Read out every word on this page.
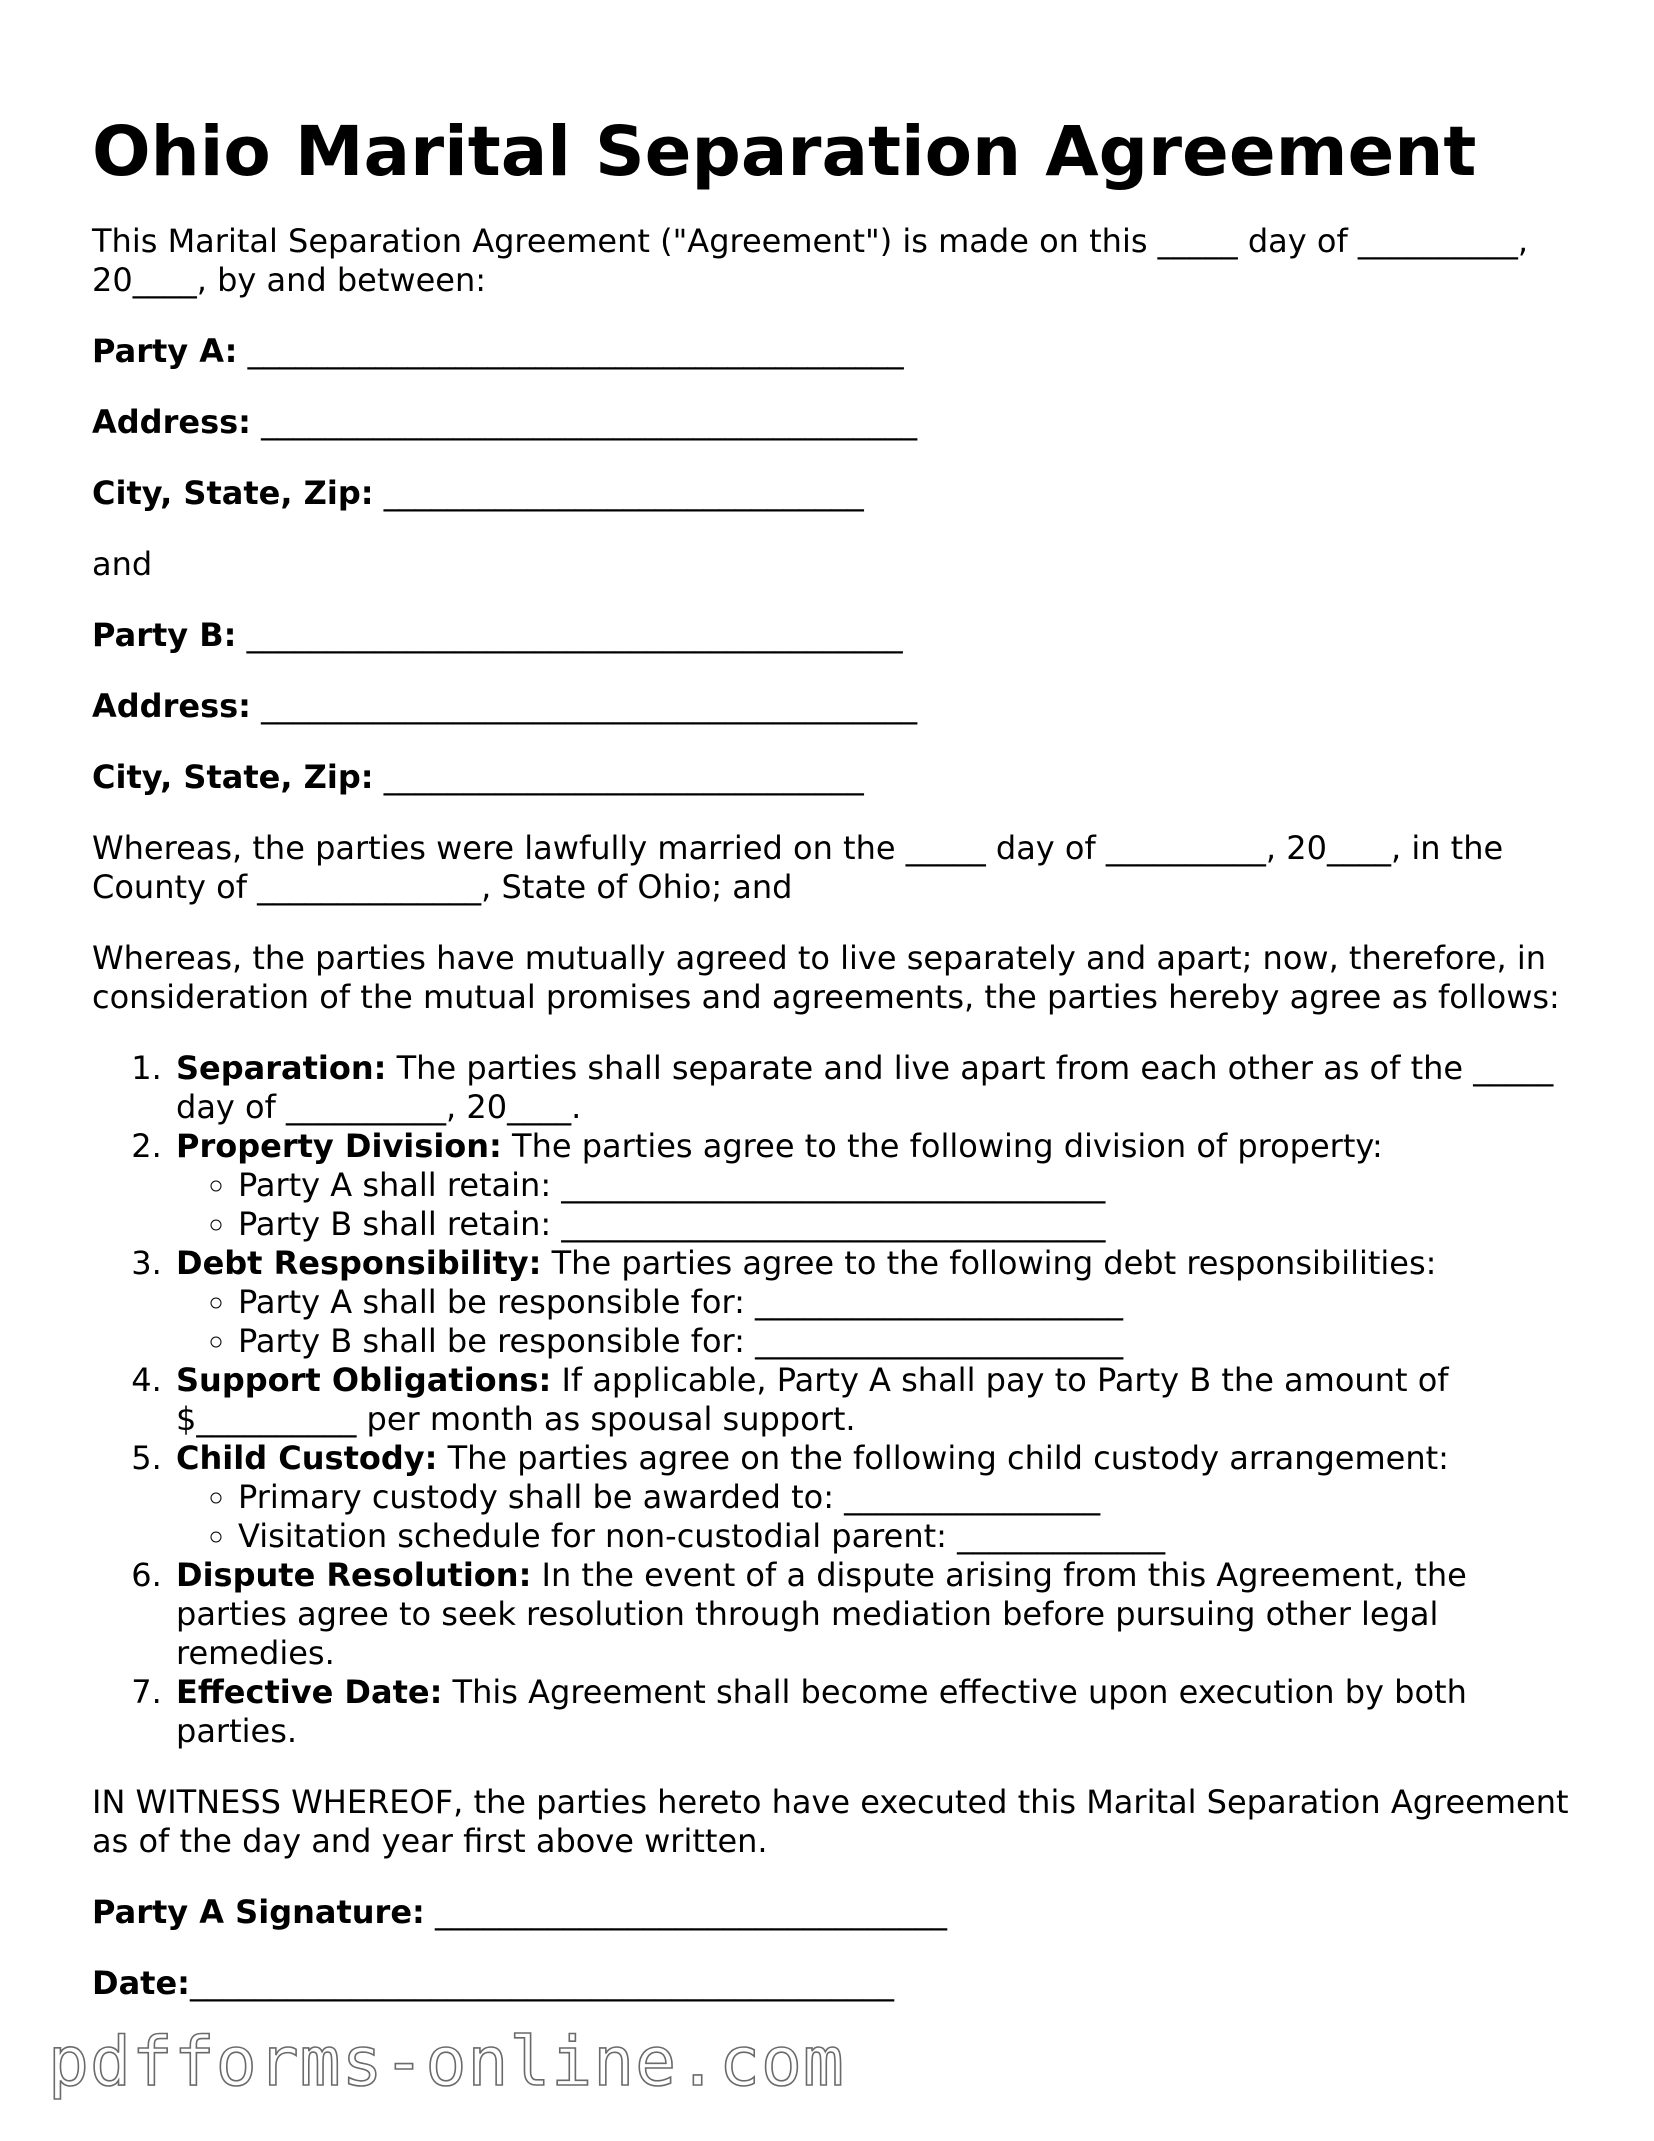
Ohio Marital Separation Agreement

This Marital Separation Agreement ("Agreement") is made on this _____ day of __________, 20____, by and between:

Party A: _________________________________________
Address: _________________________________________
City, State, Zip: ______________________________

and

Party B: _________________________________________
Address: _________________________________________
City, State, Zip: ______________________________

Whereas, the parties were lawfully married on the _____ day of __________, 20____, in the County of ______________, State of Ohio; and

Whereas, the parties have mutually agreed to live separately and apart; now, therefore, in consideration of the mutual promises and agreements, the parties hereby agree as follows:

1. Separation: The parties shall separate and live apart from each other as of the _____ day of __________, 20____.
2. Property Division: The parties agree to the following division of property:
◦ Party A shall retain: __________________________________
◦ Party B shall retain: __________________________________
3. Debt Responsibility: The parties agree to the following debt responsibilities:
◦ Party A shall be responsible for: _______________________
◦ Party B shall be responsible for: _______________________
4. Support Obligations: If applicable, Party A shall pay to Party B the amount of $__________ per month as spousal support.
5. Child Custody: The parties agree on the following child custody arrangement:
◦ Primary custody shall be awarded to: ________________
◦ Visitation schedule for non-custodial parent: _____________
6. Dispute Resolution: In the event of a dispute arising from this Agreement, the parties agree to seek resolution through mediation before pursuing other legal remedies.
7. Effective Date: This Agreement shall become effective upon execution by both parties.

IN WITNESS WHEREOF, the parties hereto have executed this Marital Separation Agreement as of the day and year first above written.

Party A Signature: ________________________________
Date:____________________________________________
pdfforms-online.com
